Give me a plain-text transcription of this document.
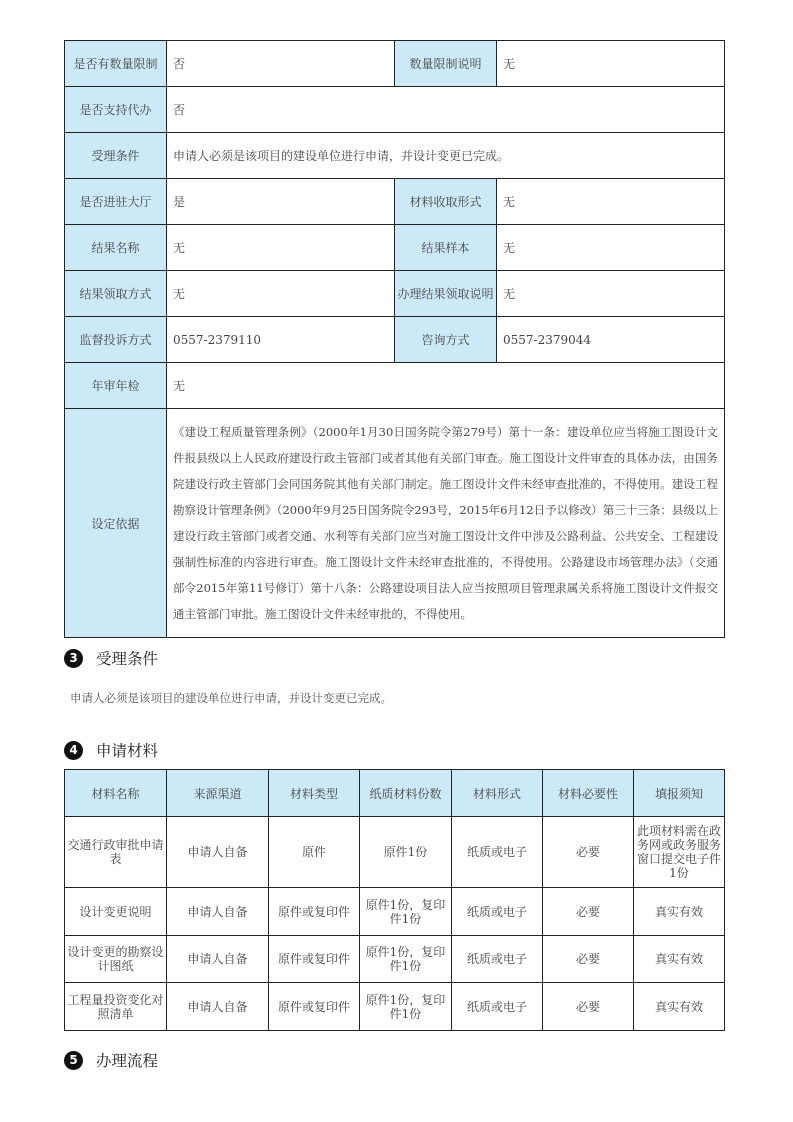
是否有数量限制	否	数量限制说明	无
是否支持代办	否		
受理条件	申请人必须是该项目的建设单位进行申请，并设计变更已完成。		
是否进驻大厅	是	材料收取形式	无
结果名称	无	结果样本	无
结果领取方式	无	办理结果领取说明	无
监督投诉方式	0557-2379110	咨询方式	0557-2379044
年审年检	无		
设定依据	《建设工程质量管理条例》（2000年1月30日国务院令第279号）第十一条：建设单位应当将施工图设计文件报县级以上人民政府建设行政主管部门或者其他有关部门审查。施工图设计文件审查的具体办法，由国务院建设行政主管部门会同国务院其他有关部门制定。施工图设计文件未经审查批准的，不得使用。建设工程勘察设计管理条例》（2000年9月25日国务院令293号，2015年6月12日予以修改）第三十三条：县级以上建设行政主管部门或者交通、水利等有关部门应当对施工图设计文件中涉及公路利益、公共安全、工程建设强制性标准的内容进行审查。施工图设计文件未经审查批准的，不得使用。公路建设市场管理办法》（交通部令2015年第11号修订）第十八条：公路建设项目法人应当按照项目管理隶属关系将施工图设计文件报交通主管部门审批。施工图设计文件未经审批的，不得使用。		
3	受理条件
申请人必须是该项目的建设单位进行申请，并设计变更已完成。
4	申请材料
材料名称	来源渠道	材料类型	纸质材料份数	材料形式	材料必要性	填报须知
交通行政审批申请表	申请人自备	原件	原件1份	纸质或电子	必要	此项材料需在政务网或政务服务窗口提交电子件1份
设计变更说明	申请人自备	原件或复印件	原件1份，复印件1份	纸质或电子	必要	真实有效
设计变更的勘察设计图纸	申请人自备	原件或复印件	原件1份，复印件1份	纸质或电子	必要	真实有效
工程量投资变化对照清单	申请人自备	原件或复印件	原件1份，复印件1份	纸质或电子	必要	真实有效
5	办理流程
